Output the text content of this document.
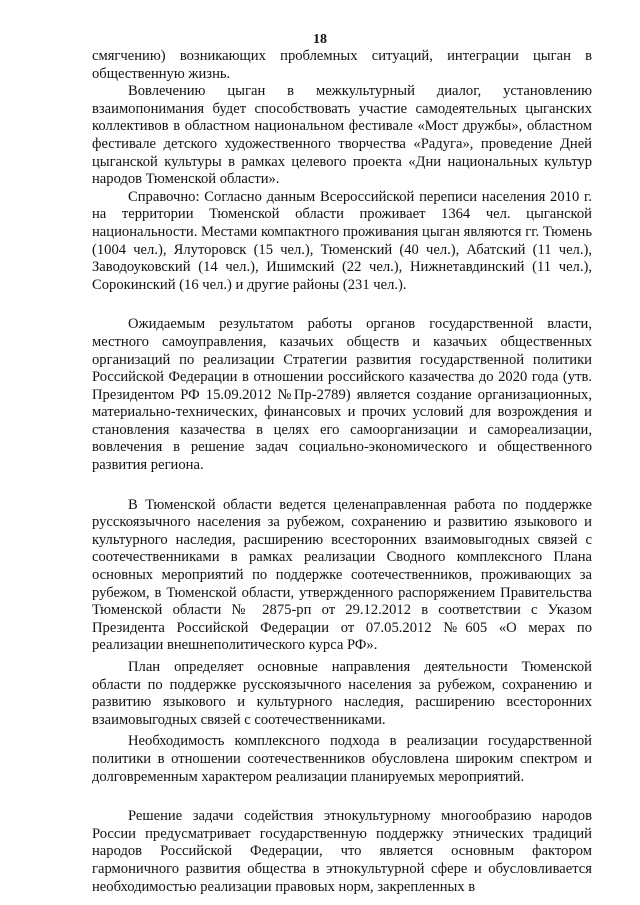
18

смягчению) возникающих проблемных ситуаций, интеграции цыган в общественную жизнь.

Вовлечению цыган в межкультурный диалог, установлению взаимопонимания будет способствовать участие самодеятельных цыганских коллективов в областном национальном фестивале «Мост дружбы», областном фестивале детского художественного творчества «Радуга», проведение Дней цыганской культуры в рамках целевого проекта «Дни национальных культур народов Тюменской области».

Справочно: Согласно данным Всероссийской переписи населения 2010 г. на территории Тюменской области проживает 1364 чел. цыганской национальности. Местами компактного проживания цыган являются гг. Тюмень (1004 чел.), Ялуторовск (15 чел.), Тюменский (40 чел.), Абатский (11 чел.), Заводоуковский (14 чел.), Ишимский (22 чел.), Нижнетавдинский (11 чел.), Сорокинский (16 чел.) и другие районы (231 чел.).

Ожидаемым результатом работы органов государственной власти, местного самоуправления, казачьих обществ и казачьих общественных организаций по реализации Стратегии развития государственной политики Российской Федерации в отношении российского казачества до 2020 года (утв. Президентом РФ 15.09.2012 №Пр-2789) является создание организационных, материально-технических, финансовых и прочих условий для возрождения и становления казачества в целях его самоорганизации и самореализации, вовлечения в решение задач социально-экономического и общественного развития региона.

В Тюменской области ведется целенаправленная работа по поддержке русскоязычного населения за рубежом, сохранению и развитию языкового и культурного наследия, расширению всесторонних взаимовыгодных связей с соотечественниками в рамках реализации Сводного комплексного Плана основных мероприятий по поддержке соотечественников, проживающих за рубежом, в Тюменской области, утвержденного распоряжением Правительства Тюменской области № 2875-рп от 29.12.2012 в соответствии с Указом Президента Российской Федерации от 07.05.2012 №605 «О мерах по реализации внешнеполитического курса РФ».

План определяет основные направления деятельности Тюменской области по поддержке русскоязычного населения за рубежом, сохранению и развитию языкового и культурного наследия, расширению всесторонних взаимовыгодных связей с соотечественниками.

Необходимость комплексного подхода в реализации государственной политики в отношении соотечественников обусловлена широким спектром и долговременным характером реализации планируемых мероприятий.

Решение задачи содействия этнокультурному многообразию народов России предусматривает государственную поддержку этнических традиций народов Российской Федерации, что является основным фактором гармоничного развития общества в этнокультурной сфере и обусловливается необходимостью реализации правовых норм, закрепленных в
